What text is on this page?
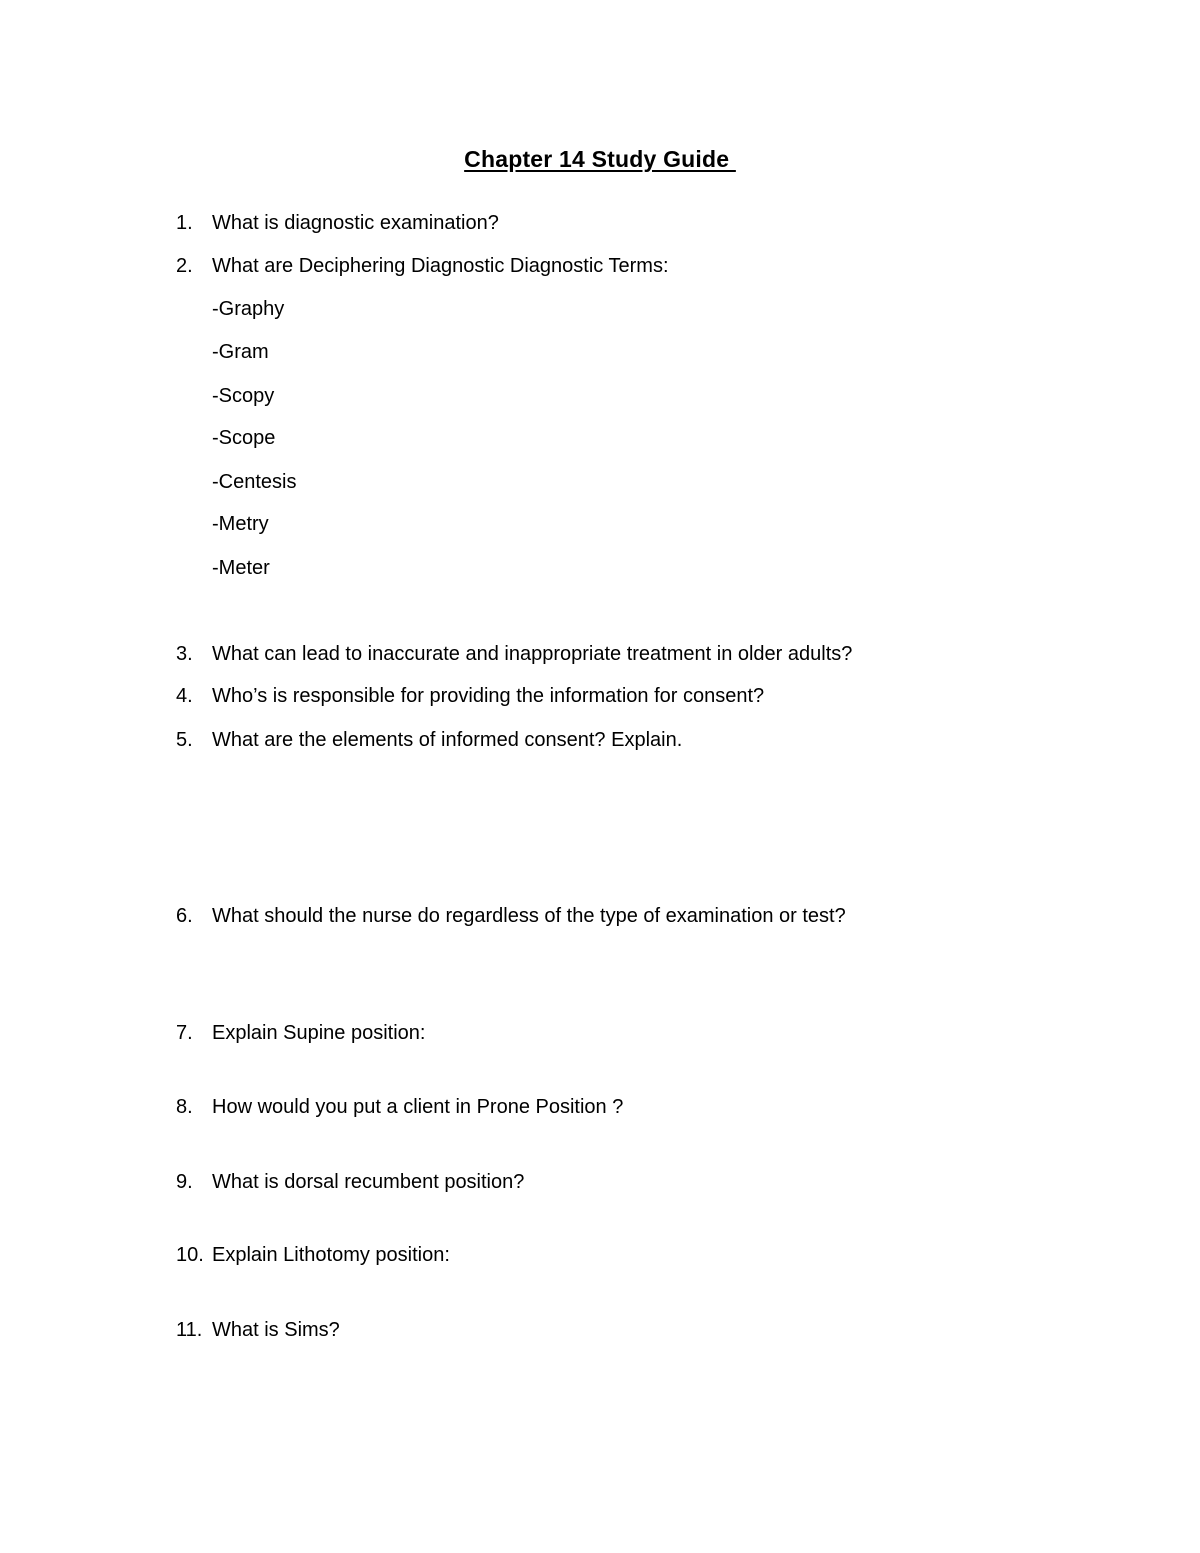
Chapter 14 Study Guide
1. What is diagnostic examination?
2. What are Deciphering Diagnostic Diagnostic Terms:
-Graphy
-Gram
-Scopy
-Scope
-Centesis
-Metry
-Meter
3. What can lead to inaccurate and inappropriate treatment in older adults?
4. Who’s is responsible for providing the information for consent?
5. What are the elements of informed consent? Explain.
6. What should the nurse do regardless of the type of examination or test?
7. Explain Supine position:
8. How would you put a client in Prone Position ?
9. What is dorsal recumbent position?
10. Explain Lithotomy position:
11. What is Sims?
